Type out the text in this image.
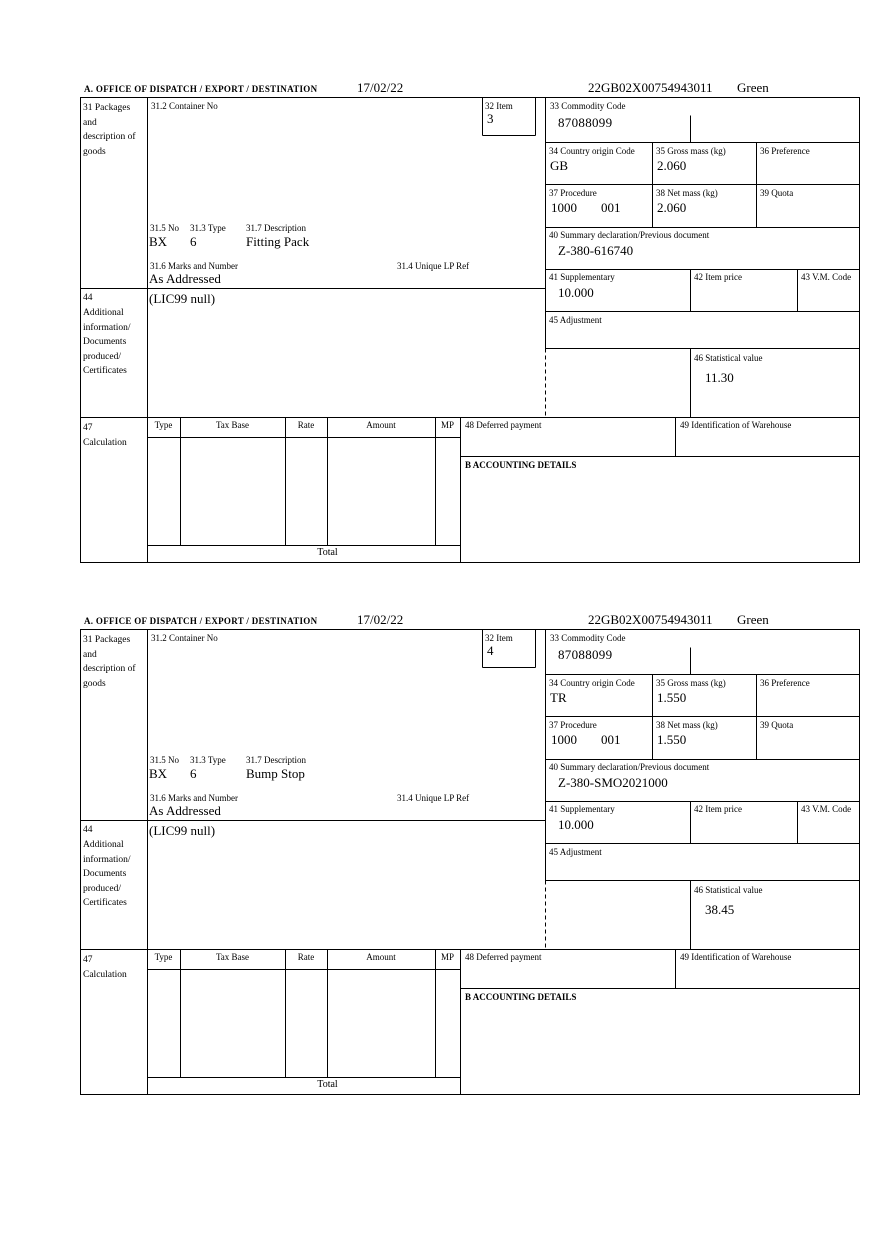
A. OFFICE OF DISPATCH / EXPORT / DESTINATION	17/02/22	22GB02X00754943011 Green
31 Packages and description of goods
44
Additional information/ Documents produced/ Certificates
47 Calculation
31.2 Container No	32 Item
3
31.5 No 31.3 Type 31.7 Description
BX 6	Fitting Pack
31.6 Marks and Number	31.4 Unique LP Ref
As Addressed
(LIC99 null)
33 Commodity Code
87088099
34 Country origin Code
GB
35 Gross mass (kg)
2.060
36 Preference
37 Procedure
1000 001
38 Net mass (kg)
2.060
39 Quota
40 Summary declaration/Previous document
Z-380-616740
41 Supplementary
10.000
42 Item price	43 V.M. Code
45 Adjustment
46 Statistical value
11.30
Type	Tax Base	Rate	Amount	MP
Total
48 Deferred payment	49 Identification of Warehouse
B ACCOUNTING DETAILS
A. OFFICE OF DISPATCH / EXPORT / DESTINATION	17/02/22	22GB02X00754943011 Green
31 Packages and description of goods
44
Additional information/ Documents produced/ Certificates
47 Calculation
31.2 Container No	32 Item
4
31.5 No 31.3 Type 31.7 Description
BX 6	Bump Stop
31.6 Marks and Number	31.4 Unique LP Ref
As Addressed
(LIC99 null)
33 Commodity Code
87088099
34 Country origin Code
TR
35 Gross mass (kg)
1.550
36 Preference
37 Procedure
1000 001
38 Net mass (kg)
1.550
39 Quota
40 Summary declaration/Previous document
Z-380-SMO2021000
41 Supplementary
10.000
42 Item price	43 V.M. Code
45 Adjustment
46 Statistical value
38.45
Type	Tax Base	Rate	Amount	MP
Total
48 Deferred payment	49 Identification of Warehouse
B ACCOUNTING DETAILS
